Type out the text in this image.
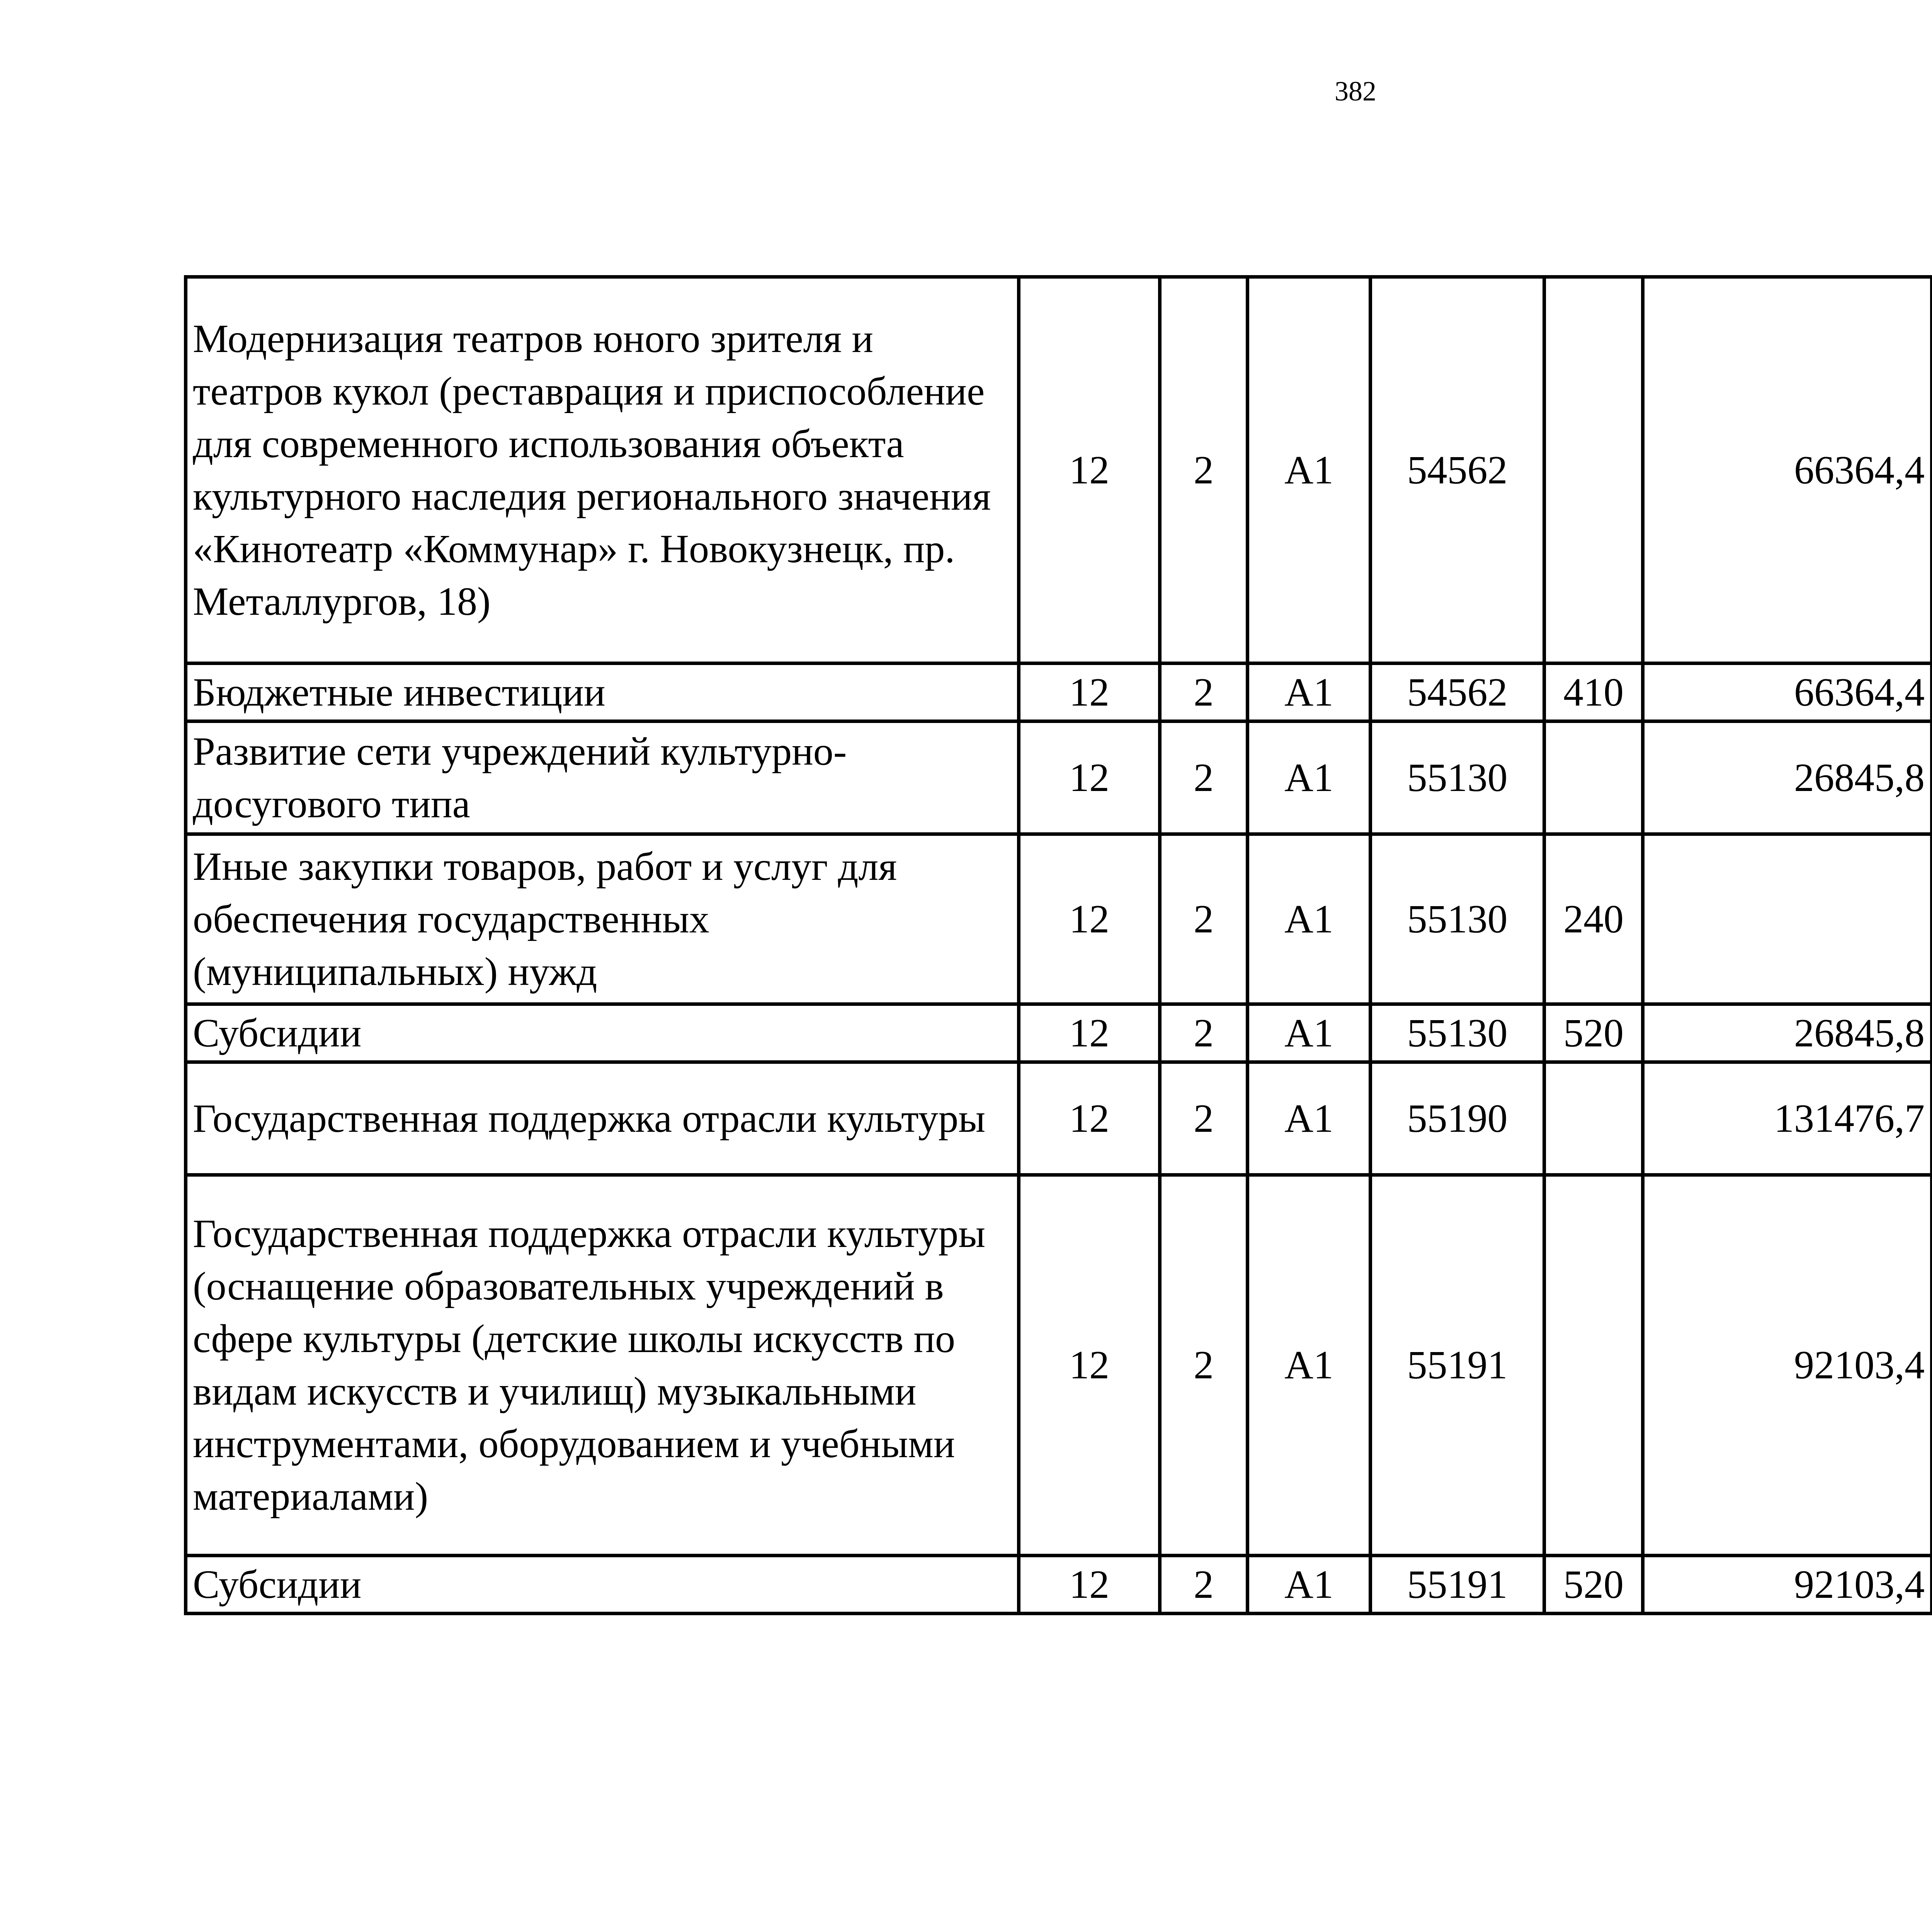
382
Модернизация театров юного зрителя и театров кукол (реставрация и приспособление для современного использования объекта культурного наследия регионального значения «Кинотеатр «Коммунар» г. Новокузнецк, пр. Металлургов, 18)	12	2	А1	54562		66364,4		
Бюджетные инвестиции	12	2	А1	54562	410	66364,4		
Развитие сети учреждений культурно-досугового типа	12	2	А1	55130		26845,8		
Иные закупки товаров, работ и услуг для обеспечения государственных (муниципальных) нужд	12	2	А1	55130	240			
Субсидии	12	2	А1	55130	520	26845,8		
Государственная поддержка отрасли культуры	12	2	А1	55190		131476,7		
Государственная поддержка отрасли культуры (оснащение образовательных учреждений в сфере культуры (детские школы искусств по видам искусств и училищ) музыкальными инструментами, оборудованием и учебными материалами)	12	2	А1	55191		92103,4		
Субсидии	12	2	А1	55191	520	92103,4		
